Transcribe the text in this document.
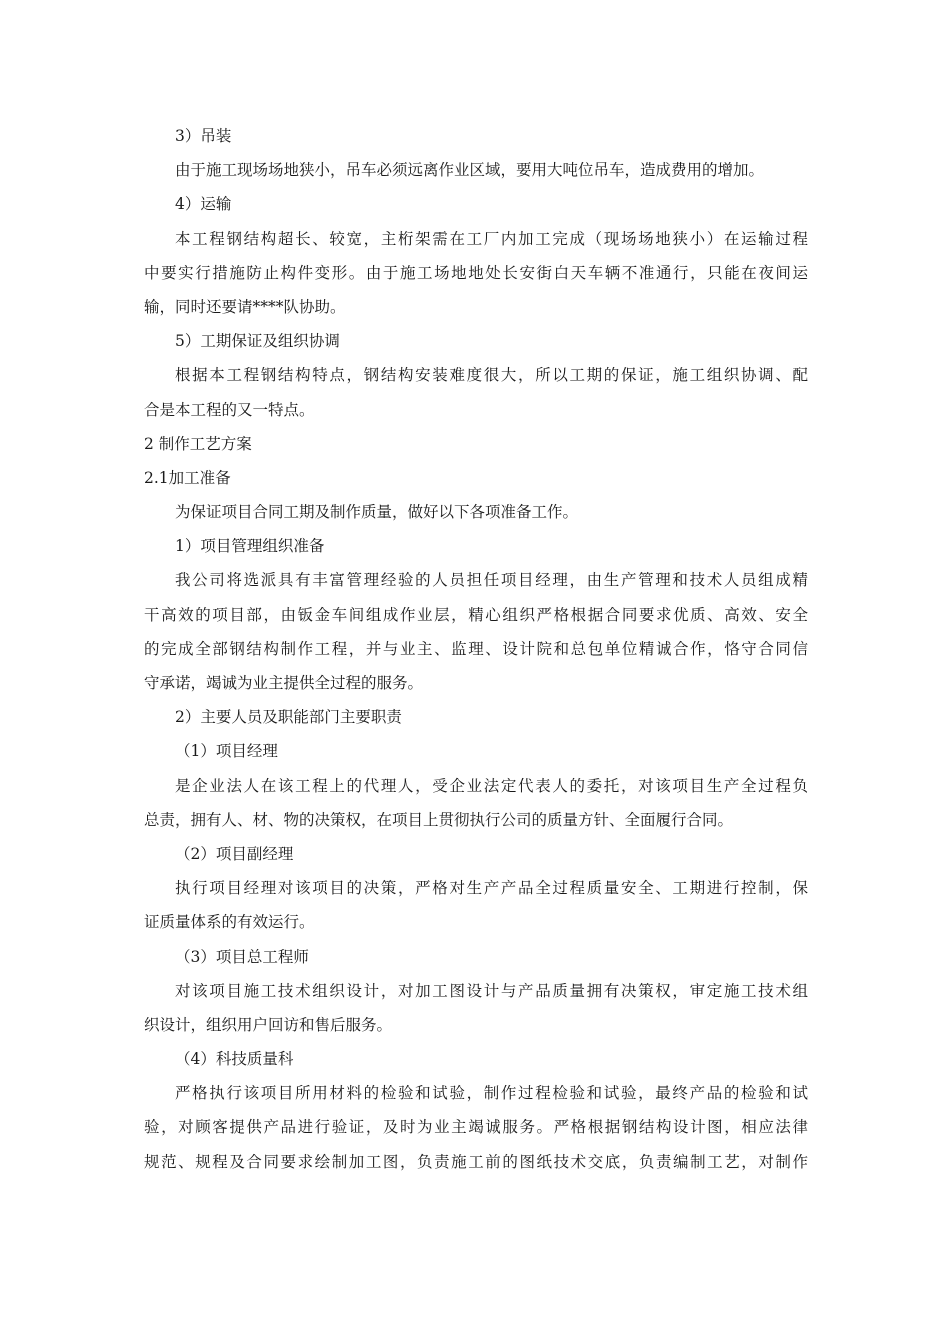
3）吊装
由于施工现场场地狭小，吊车必须远离作业区域，要用大吨位吊车，造成费用的增加。
4）运输
本工程钢结构超长、较宽，主桁架需在工厂内加工完成（现场场地狭小）在运输过程
中要实行措施防止构件变形。由于施工场地地处长安街白天车辆不准通行，只能在夜间运
输，同时还要请****队协助。
5）工期保证及组织协调
根据本工程钢结构特点，钢结构安装难度很大，所以工期的保证，施工组织协调、配
合是本工程的又一特点。
2 制作工艺方案
2.1加工准备
为保证项目合同工期及制作质量，做好以下各项准备工作。
1）项目管理组织准备
我公司将选派具有丰富管理经验的人员担任项目经理，由生产管理和技术人员组成精
干高效的项目部，由钣金车间组成作业层，精心组织严格根据合同要求优质、高效、安全
的完成全部钢结构制作工程，并与业主、监理、设计院和总包单位精诚合作，恪守合同信
守承诺，竭诚为业主提供全过程的服务。
2）主要人员及职能部门主要职责
（1）项目经理
是企业法人在该工程上的代理人，受企业法定代表人的委托，对该项目生产全过程负
总责，拥有人、材、物的决策权，在项目上贯彻执行公司的质量方针、全面履行合同。
（2）项目副经理
执行项目经理对该项目的决策，严格对生产产品全过程质量安全、工期进行控制，保
证质量体系的有效运行。
（3）项目总工程师
对该项目施工技术组织设计，对加工图设计与产品质量拥有决策权，审定施工技术组
织设计，组织用户回访和售后服务。
（4）科技质量科
严格执行该项目所用材料的检验和试验，制作过程检验和试验，最终产品的检验和试
验，对顾客提供产品进行验证，及时为业主竭诚服务。严格根据钢结构设计图，相应法律
规范、规程及合同要求绘制加工图，负责施工前的图纸技术交底，负责编制工艺，对制作
